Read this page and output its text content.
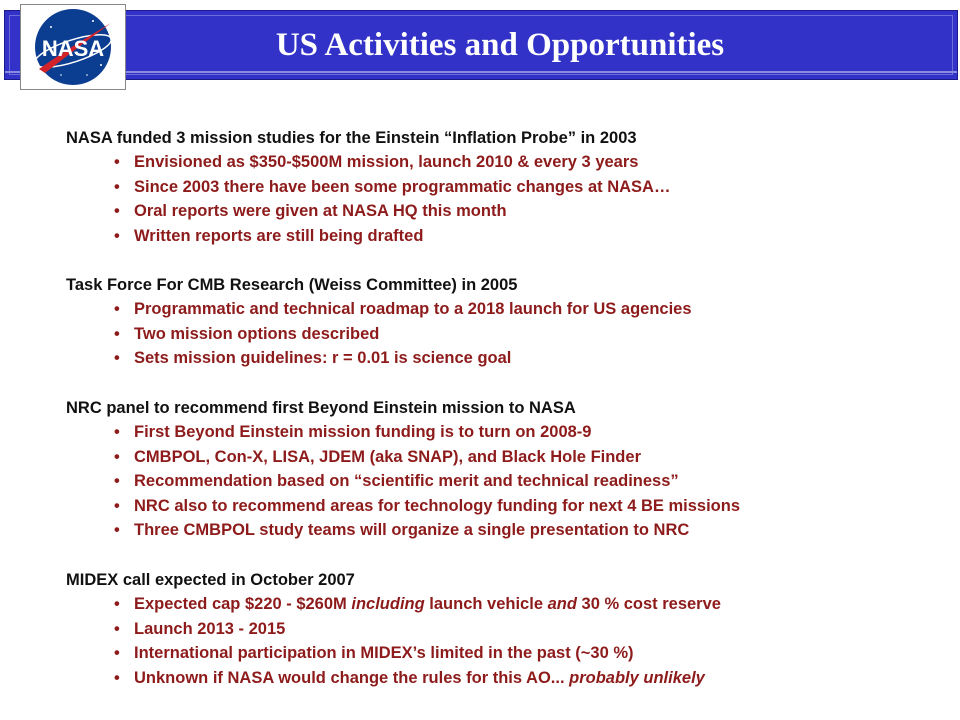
US Activities and Opportunities
NASA
NASA funded 3 mission studies for the Einstein “Inflation Probe” in 2003
• Envisioned as $350-$500M mission, launch 2010 & every 3 years
• Since 2003 there have been some programmatic changes at NASA…
• Oral reports were given at NASA HQ this month
• Written reports are still being drafted
Task Force For CMB Research (Weiss Committee) in 2005
• Programmatic and technical roadmap to a 2018 launch for US agencies
• Two mission options described
• Sets mission guidelines: r = 0.01 is science goal
NRC panel to recommend first Beyond Einstein mission to NASA
• First Beyond Einstein mission funding is to turn on 2008-9
• CMBPOL, Con-X, LISA, JDEM (aka SNAP), and Black Hole Finder
• Recommendation based on “scientific merit and technical readiness”
• NRC also to recommend areas for technology funding for next 4 BE missions
• Three CMBPOL study teams will organize a single presentation to NRC
MIDEX call expected in October 2007
• Expected cap $220 - $260M including launch vehicle and 30 % cost reserve
• Launch 2013 - 2015
• International participation in MIDEX’s limited in the past (~30 %)
• Unknown if NASA would change the rules for this AO... probably unlikely
